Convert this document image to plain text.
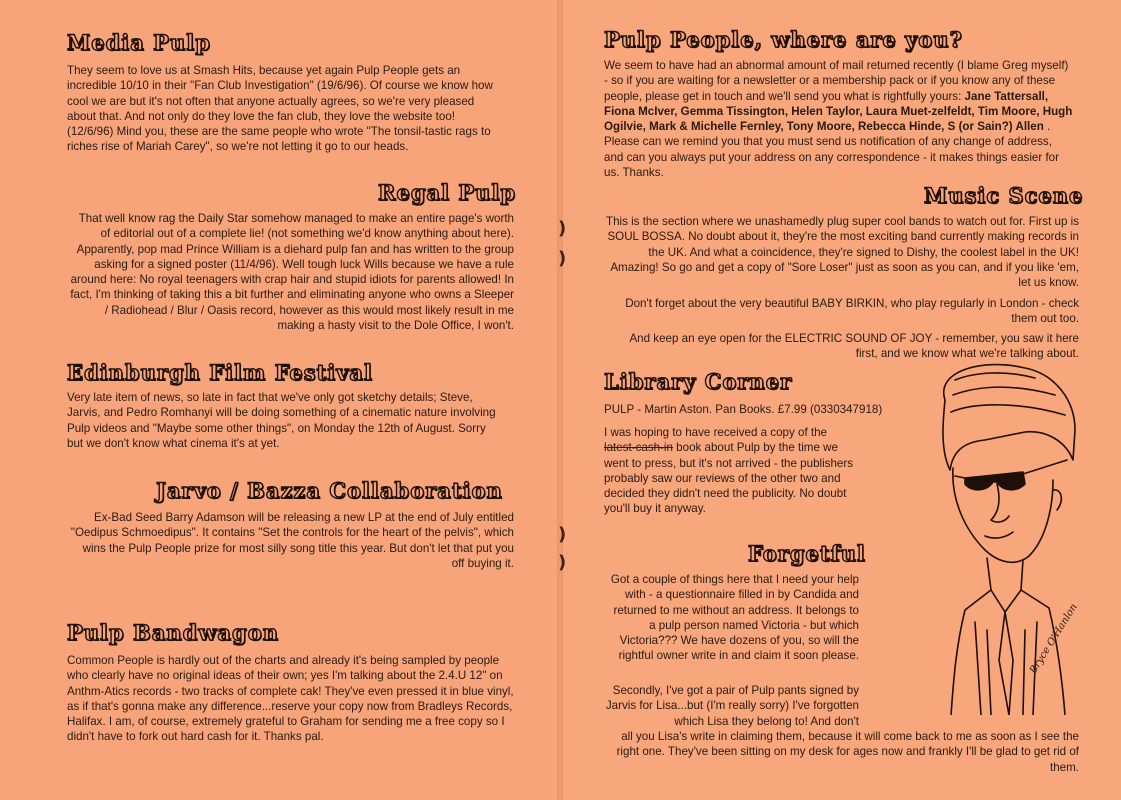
Media Pulp
They seem to love us at Smash Hits, because yet again Pulp People gets an incredible 10/10 in their "Fan Club Investigation" (19/6/96). Of course we know how cool we are but it's not often that anyone actually agrees, so we're very pleased about that. And not only do they love the fan club, they love the website too! (12/6/96) Mind you, these are the same people who wrote "The tonsil-tastic rags to riches rise of Mariah Carey", so we're not letting it go to our heads.
Regal Pulp
That well know rag the Daily Star somehow managed to make an entire page's worth of editorial out of a complete lie! (not something we'd know anything about here). Apparently, pop mad Prince William is a diehard pulp fan and has written to the group asking for a signed poster (11/4/96). Well tough luck Wills because we have a rule around here: No royal teenagers with crap hair and stupid idiots for parents allowed! In fact, I'm thinking of taking this a bit further and eliminating anyone who owns a Sleeper / Radiohead / Blur / Oasis record, however as this would most likely result in me making a hasty visit to the Dole Office, I won't.
Edinburgh Film Festival
Very late item of news, so late in fact that we've only got sketchy details; Steve, Jarvis, and Pedro Romhanyi will be doing something of a cinematic nature involving Pulp videos and "Maybe some other things", on Monday the 12th of August. Sorry but we don't know what cinema it's at yet.
Jarvo / Bazza Collaboration
Ex-Bad Seed Barry Adamson will be releasing a new LP at the end of July entitled "Oedipus Schmoedipus". It contains "Set the controls for the heart of the pelvis", which wins the Pulp People prize for most silly song title this year. But don't let that put you off buying it.
Pulp Bandwagon
Common People is hardly out of the charts and already it's being sampled by people who clearly have no original ideas of their own; yes I'm talking about the 2.4.U 12" on Anthm-Atics records - two tracks of complete cak! They've even pressed it in blue vinyl, as if that's gonna make any difference...reserve your copy now from Bradleys Records, Halifax. I am, of course, extremely grateful to Graham for sending me a free copy so I didn't have to fork out hard cash for it. Thanks pal.
Pulp People, where are you?
We seem to have had an abnormal amount of mail returned recently (I blame Greg myself) - so if you are waiting for a newsletter or a membership pack or if you know any of these people, please get in touch and we'll send you what is rightfully yours: Jane Tattersall, Fiona McIver, Gemma Tissington, Helen Taylor, Laura Muet-zelfeldt, Tim Moore, Hugh Ogilvie, Mark & Michelle Fernley, Tony Moore, Rebecca Hinde, S (or Sain?) Allen . Please can we remind you that you must send us notification of any change of address, and can you always put your address on any correspondence - it makes things easier for us. Thanks.
Music Scene
This is the section where we unashamedly plug super cool bands to watch out for. First up is SOUL BOSSA. No doubt about it, they're the most exciting band currently making records in the UK. And what a coincidence, they're signed to Dishy, the coolest label in the UK! Amazing! So go and get a copy of "Sore Loser" just as soon as you can, and if you like 'em, let us know.
Don't forget about the very beautiful BABY BIRKIN, who play regularly in London - check them out too.
And keep an eye open for the ELECTRIC SOUND OF JOY - remember, you saw it here first, and we know what we're talking about.
Library Corner
PULP - Martin Aston. Pan Books. £7.99 (0330347918)
I was hoping to have received a copy of the latest-cash-in book about Pulp by the time we went to press, but it's not arrived - the publishers probably saw our reviews of the other two and decided they didn't need the publicity. No doubt you'll buy it anyway.
Forgetful
Got a couple of things here that I need your help with - a questionnaire filled in by Candida and returned to me without an address. It belongs to a pulp person named Victoria - but which Victoria??? We have dozens of you, so will the rightful owner write in and claim it soon please.
Secondly, I've got a pair of Pulp pants signed by Jarvis for Lisa...but (I'm really sorry) I've forgotten which Lisa they belong to! And don't
all you Lisa's write in claiming them, because it will come back to me as soon as I see the right one. They've been sitting on my desk for ages now and frankly I'll be glad to get rid of them.
)
)
)
)
Bryce O'Hanlon
